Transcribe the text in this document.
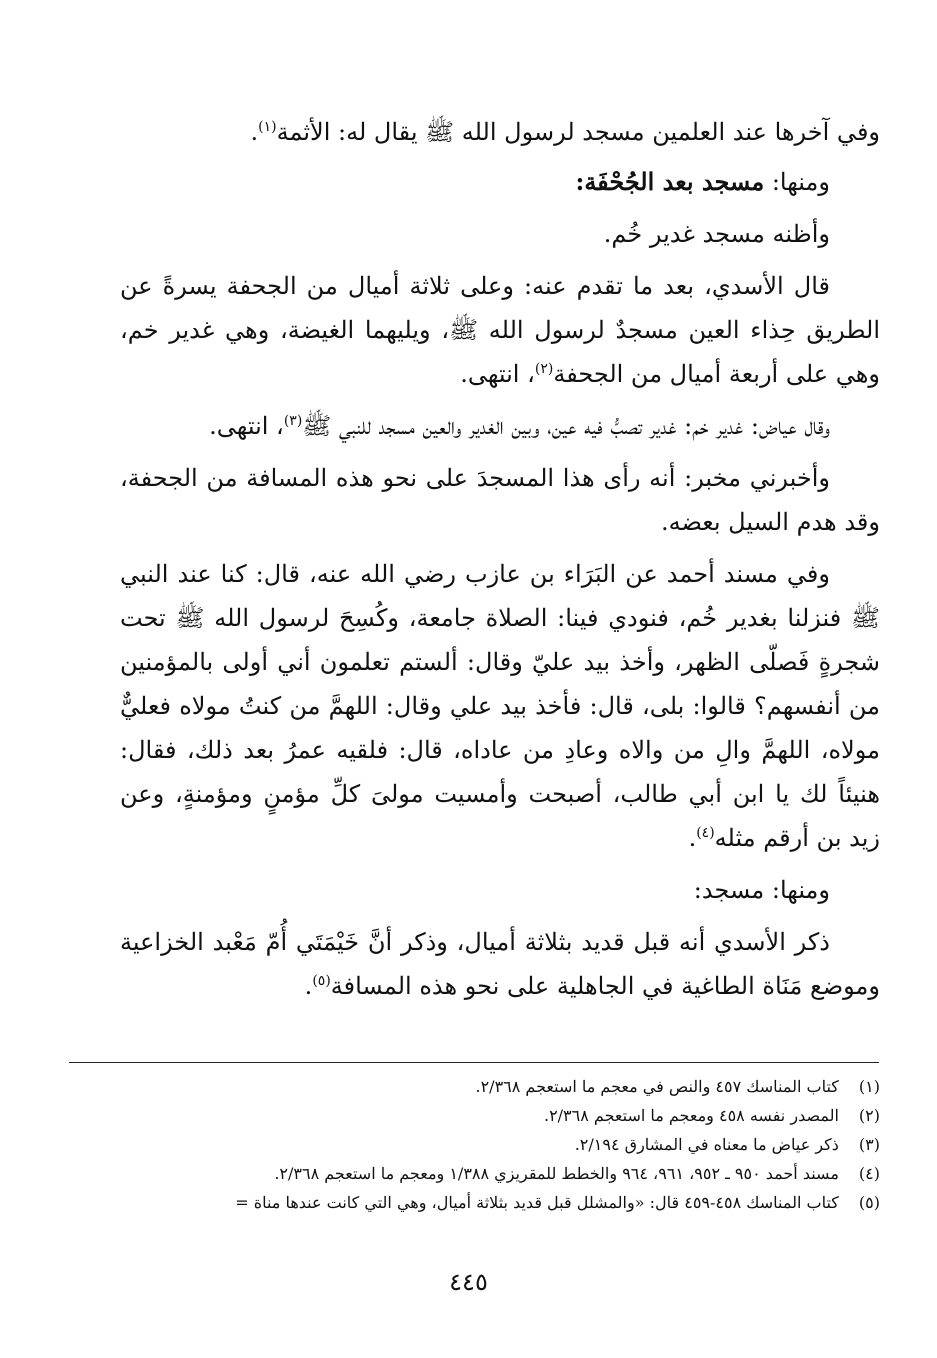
وفي آخرها عند العلمين مسجد لرسول الله ﷺ يقال له: الأثمة$^{(١)}$.

ومنها: مسجد بعد الجُحْفَة:

وأظنه مسجد غدير خُم.

قال الأسدي، بعد ما تقدم عنه: وعلى ثلاثة أميال من الجحفة يسرةً عن الطريق حِذاء العين مسجدٌ لرسول الله ﷺ، ويليهما الغيضة، وهي غدير خم، وهي على أربعة أميال من الجحفة$^{(٢)}$، انتهى.

وقال عياض: غدير خم: غدير تصبُّ فيه عين، وبين الغدير والعين مسجد للنبي ﷺ$^{(٣)}$، انتهى.

وأخبرني مخبر: أنه رأى هذا المسجدَ على نحو هذه المسافة من الجحفة، وقد هدم السيل بعضه.

وفي مسند أحمد عن البَرَاء بن عازب رضي الله عنه، قال: كنا عند النبي ﷺ فنزلنا بغدير خُم، فنودي فينا: الصلاة جامعة، وكُسِحَ لرسول الله ﷺ تحت شجرةٍ فَصلّى الظهر، وأخذ بيد عليّ وقال: ألستم تعلمون أني أولى بالمؤمنين من أنفسهم؟ قالوا: بلى، قال: فأخذ بيد علي وقال: اللهمَّ من كنتُ مولاه فعليٌّ مولاه، اللهمَّ والِ من والاه وعادِ من عاداه، قال: فلقيه عمرُ بعد ذلك، فقال: هنيئاً لك يا ابن أبي طالب، أصبحت وأمسيت مولىَ كلِّ مؤمنٍ ومؤمنةٍ، وعن زيد بن أرقم مثله$^{(٤)}$.

ومنها: مسجد:

ذكر الأسدي أنه قبل قديد بثلاثة أميال، وذكر أنَّ خَيْمَتَي أُمّ مَعْبد الخزاعية وموضع مَنَاة الطاغية في الجاهلية على نحو هذه المسافة$^{(٥)}$.

(١) كتاب المناسك ٤٥٧ والنص في معجم ما استعجم ٢/٣٦٨.

(٢) المصدر نفسه ٤٥٨ ومعجم ما استعجم ٢/٣٦٨.

(٣) ذكر عياض ما معناه في المشارق ٢/١٩٤.

(٤) مسند أحمد ٩٥٠ ـ ٩٥٢، ٩٦١، ٩٦٤ والخطط للمقريزي ١/٣٨٨ ومعجم ما استعجم ٢/٣٦٨.

(٥) كتاب المناسك ٤٥٨-٤٥٩ قال: «والمشلل قبل قديد بثلاثة أميال، وهي التي كانت عندها مناة =

٤٤٥
